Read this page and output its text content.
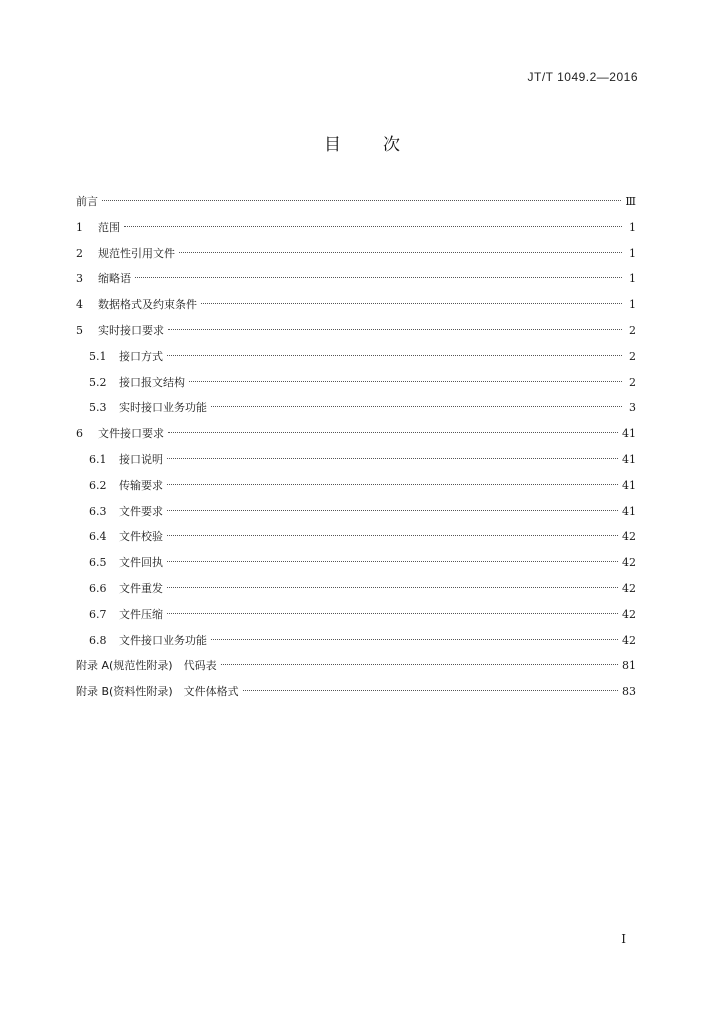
JT/T 1049.2—2016
目 次
前言	Ⅲ
1	范围	1
2	规范性引用文件	1
3	缩略语	1
4	数据格式及约束条件	1
5	实时接口要求	2
5.1	接口方式	2
5.2	接口报文结构	2
5.3	实时接口业务功能	3
6	文件接口要求	41
6.1	接口说明	41
6.2	传输要求	41
6.3	文件要求	41
6.4	文件校验	42
6.5	文件回执	42
6.6	文件重发	42
6.7	文件压缩	42
6.8	文件接口业务功能	42
附录 A(规范性附录)　代码表	81
附录 B(资料性附录)　文件体格式	83
Ⅰ
